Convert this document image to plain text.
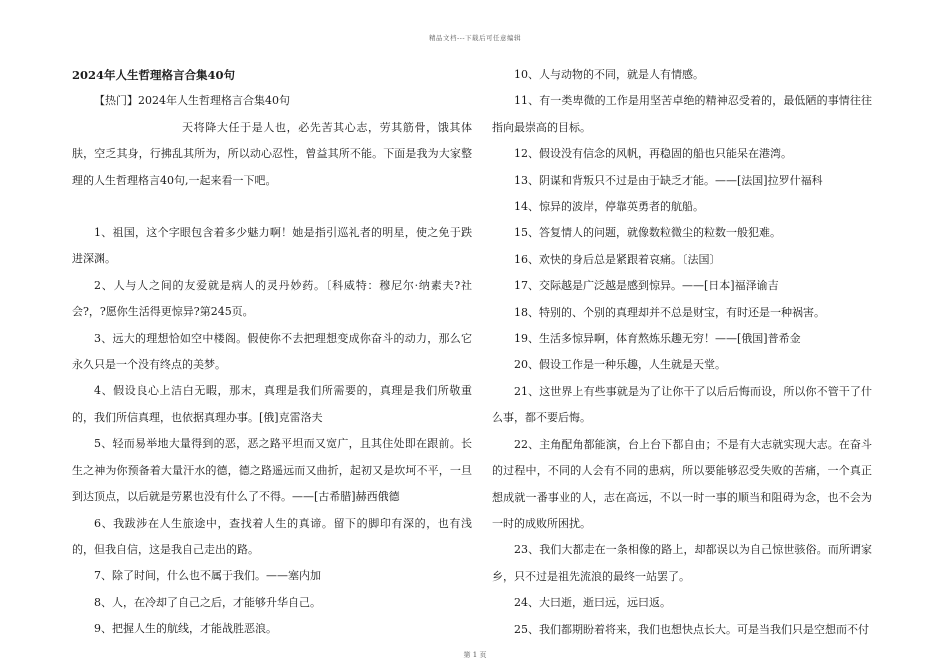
精品文档---下载后可任意编辑

2024年人生哲理格言合集40句

【热门】2024年人生哲理格言合集40句

天将降大任于是人也，必先苦其心志，劳其筋骨，饿其体肤，空乏其身，行拂乱其所为，所以动心忍性，曾益其所不能。下面是我为大家整理的人生哲理格言40句,一起来看一下吧。

1、祖国，这个字眼包含着多少魅力啊！她是指引巡礼者的明星，使之免于跌进深渊。

2、人与人之间的友爱就是病人的灵丹妙药。〔科威特：穆尼尔·纳素夫?社会?，?愿你生活得更惊异?第245页。

3、远大的理想恰如空中楼阁。假使你不去把理想变成你奋斗的动力，那么它永久只是一个没有终点的美梦。

4、假设良心上洁白无暇，那末，真理是我们所需要的，真理是我们所敬重的，我们所信真理，也依据真理办事。[俄]克雷洛夫

5、轻而易举地大量得到的恶，恶之路平坦而又宽广，且其住处即在跟前。长生之神为你预备着大量汗水的德，德之路遥远而又曲折，起初又是坎坷不平，一旦到达顶点，以后就是劳累也没有什么了不得。——[古希腊]赫西俄德

6、我跋涉在人生旅途中，查找着人生的真谛。留下的脚印有深的，也有浅的，但我自信，这是我自己走出的路。

7、除了时间，什么也不属于我们。——塞内加

8、人，在冷却了自己之后，才能够升华自己。

9、把握人生的航线，才能战胜恶浪。

10、人与动物的不同，就是人有情感。

11、有一类卑微的工作是用坚苦卓绝的精神忍受着的，最低陋的事情往往指向最崇高的目标。

12、假设没有信念的风帆，再稳固的船也只能呆在港湾。

13、阴谋和背叛只不过是由于缺乏才能。——[法国]拉罗什福科

14、惊异的波岸，停靠英勇者的航船。

15、答复情人的问题，就像数粒微尘的粒数一般犯难。

16、欢快的身后总是紧跟着哀痛。〔法国〕

17、交际越是广泛越是感到惊异。——[日本]福泽谕吉

18、特别的、个别的真理却并不总是财宝，有时还是一种祸害。

19、生活多惊异啊，体育熬炼乐趣无穷！——[俄国]普希金

20、假设工作是一种乐趣，人生就是天堂。

21、这世界上有些事就是为了让你干了以后后悔而设，所以你不管干了什么事，都不要后悔。

22、主角配角都能演，台上台下都自由；不是有大志就实现大志。在奋斗的过程中，不同的人会有不同的患病，所以要能够忍受失败的苦痛，一个真正想成就一番事业的人，志在高远，不以一时一事的顺当和阻碍为念，也不会为一时的成败所困扰。

23、我们大都走在一条相像的路上，却都误以为自己惊世骇俗。而所谓家乡，只不过是祖先流浪的最终一站罢了。

24、大曰逝，逝曰远，远曰返。

25、我们都期盼着将来，我们也想快点长大。可是当我们只是空想而不付

第 1 页
